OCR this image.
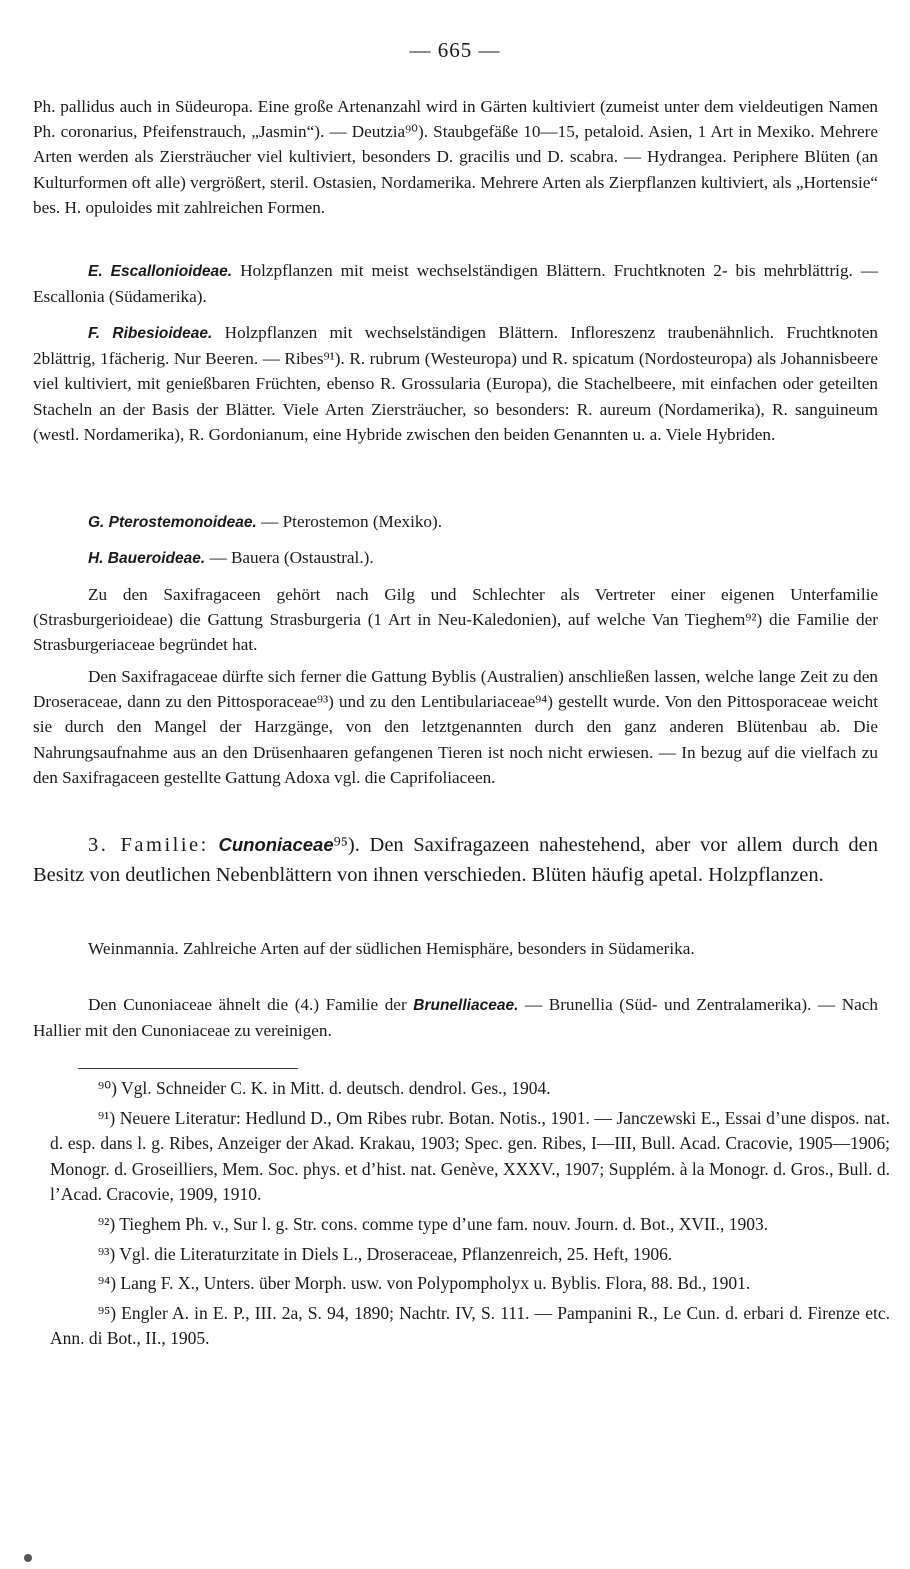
— 665 —

Ph. pallidus auch in Südeuropa. Eine große Artenanzahl wird in Gärten kultiviert (zumeist unter dem vieldeutigen Namen Ph. coronarius, Pfeifenstrauch, „Jasmin“). — Deutzia⁹⁰). Staubgefäße 10—15, petaloid. Asien, 1 Art in Mexiko. Mehrere Arten werden als Ziersträucher viel kultiviert, besonders D. gracilis und D. scabra. — Hydrangea. Periphere Blüten (an Kulturformen oft alle) vergrößert, steril. Ostasien, Nordamerika. Mehrere Arten als Zierpflanzen kultiviert, als „Hortensie“ bes. H. opuloides mit zahlreichen Formen.

E. Escallonioideae. Holzpflanzen mit meist wechselständigen Blättern. Fruchtknoten 2- bis mehrblättrig. — Escallonia (Südamerika).

F. Ribesioideae. Holzpflanzen mit wechselständigen Blättern. Infloreszenz traubenähnlich. Fruchtknoten 2blättrig, 1fächerig. Nur Beeren. — Ribes⁹¹). R. rubrum (Westeuropa) und R. spicatum (Nordosteuropa) als Johannisbeere viel kultiviert, mit genießbaren Früchten, ebenso R. Grossularia (Europa), die Stachelbeere, mit einfachen oder geteilten Stacheln an der Basis der Blätter. Viele Arten Ziersträucher, so besonders: R. aureum (Nordamerika), R. sanguineum (westl. Nordamerika), R. Gordonianum, eine Hybride zwischen den beiden Genannten u. a. Viele Hybriden.

G. Pterostemonoideae. — Pterostemon (Mexiko).

H. Baueroideae. — Bauera (Ostaustral.).

Zu den Saxifragaceen gehört nach Gilg und Schlechter als Vertreter einer eigenen Unterfamilie (Strasburgerioideae) die Gattung Strasburgeria (1 Art in Neu-Kaledonien), auf welche Van Tieghem⁹²) die Familie der Strasburgeriaceae begründet hat.

Den Saxifragaceae dürfte sich ferner die Gattung Byblis (Australien) anschließen lassen, welche lange Zeit zu den Droseraceae, dann zu den Pittosporaceae⁹³) und zu den Lentibulariaceae⁹⁴) gestellt wurde. Von den Pittosporaceae weicht sie durch den Mangel der Harzgänge, von den letztgenannten durch den ganz anderen Blütenbau ab. Die Nahrungsaufnahme aus an den Drüsenhaaren gefangenen Tieren ist noch nicht erwiesen. — In bezug auf die vielfach zu den Saxifragaceen gestellte Gattung Adoxa vgl. die Caprifoliaceen.

3. Familie: Cunoniaceae⁹⁵). Den Saxifragazeen nahestehend, aber vor allem durch den Besitz von deutlichen Nebenblättern von ihnen verschieden. Blüten häufig apetal. Holzpflanzen.

Weinmannia. Zahlreiche Arten auf der südlichen Hemisphäre, besonders in Südamerika.

Den Cunoniaceae ähnelt die (4.) Familie der Brunelliaceae. — Brunellia (Süd- und Zentralamerika). — Nach Hallier mit den Cunoniaceae zu vereinigen.

⁹⁰) Vgl. Schneider C. K. in Mitt. d. deutsch. dendrol. Ges., 1904.

⁹¹) Neuere Literatur: Hedlund D., Om Ribes rubr. Botan. Notis., 1901. — Janczewski E., Essai d’une dispos. nat. d. esp. dans l. g. Ribes, Anzeiger der Akad. Krakau, 1903; Spec. gen. Ribes, I—III, Bull. Acad. Cracovie, 1905—1906; Monogr. d. Groseilliers, Mem. Soc. phys. et d’hist. nat. Genève, XXXV., 1907; Supplém. à la Monogr. d. Gros., Bull. d. l’Acad. Cracovie, 1909, 1910.

⁹²) Tieghem Ph. v., Sur l. g. Str. cons. comme type d’une fam. nouv. Journ. d. Bot., XVII., 1903.

⁹³) Vgl. die Literaturzitate in Diels L., Droseraceae, Pflanzenreich, 25. Heft, 1906.

⁹⁴) Lang F. X., Unters. über Morph. usw. von Polypompholyx u. Byblis. Flora, 88. Bd., 1901.

⁹⁵) Engler A. in E. P., III. 2a, S. 94, 1890; Nachtr. IV, S. 111. — Pampanini R., Le Cun. d. erbari d. Firenze etc. Ann. di Bot., II., 1905.
